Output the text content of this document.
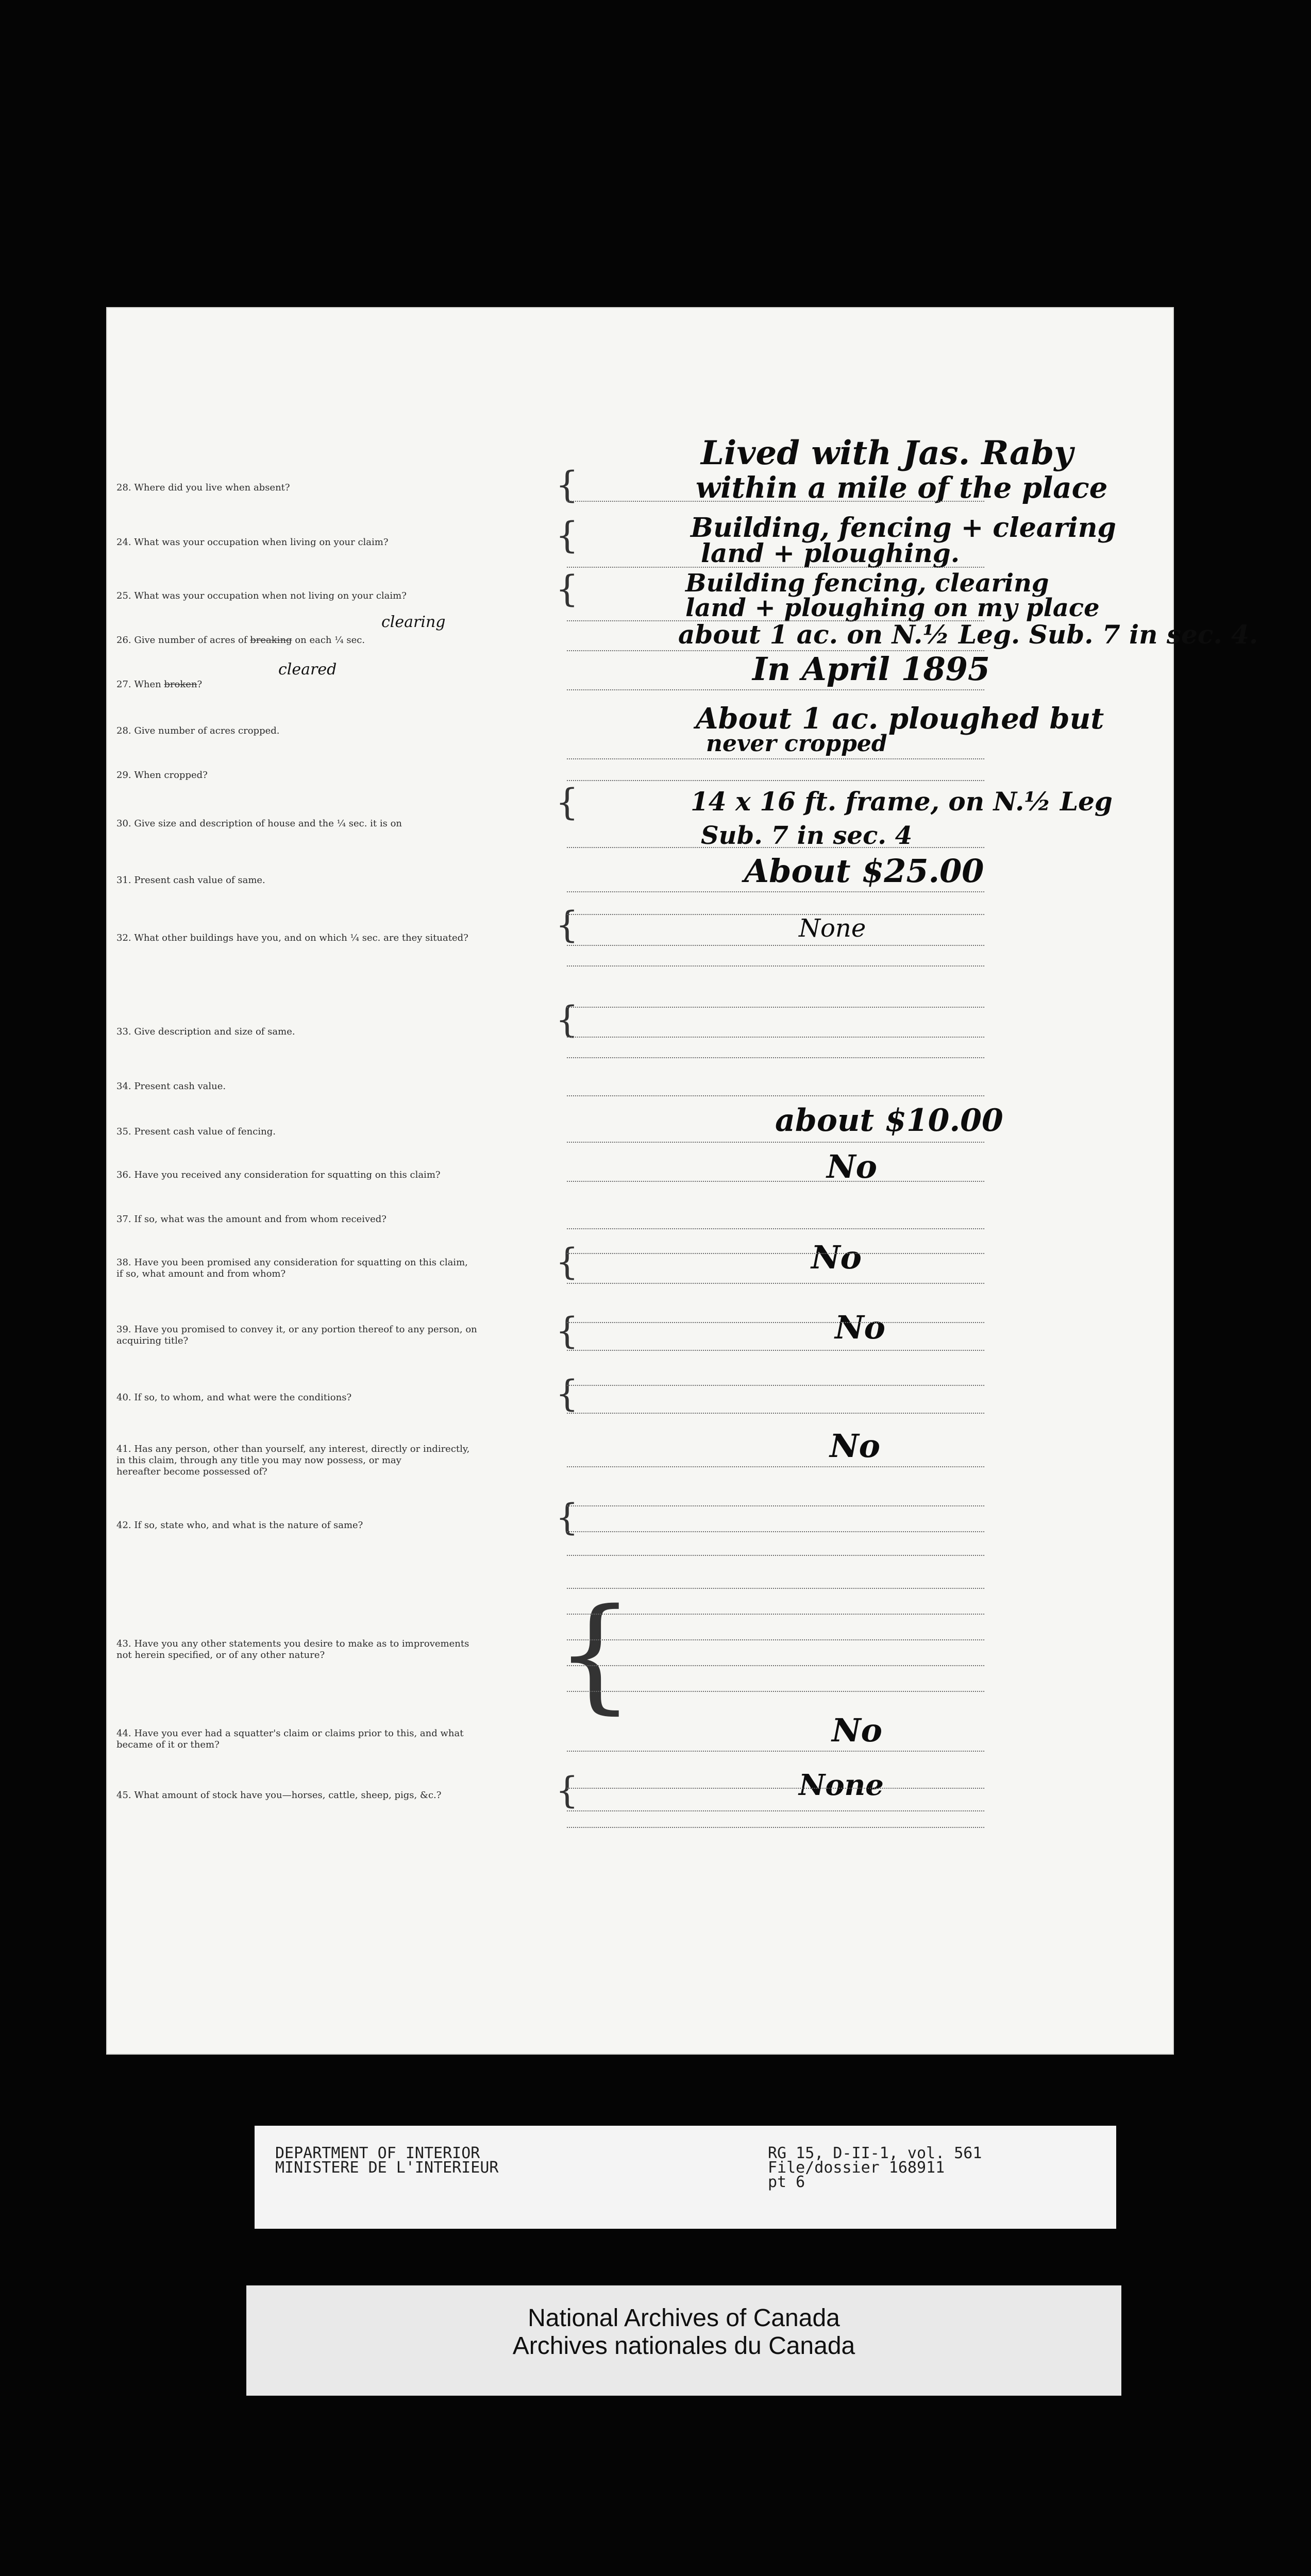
28. Where did you live when absent?	{
Lived with Jas. Raby
within a mile of the place
24. What was your occupation when living on your claim?	{	Building, fencing + clearing
land + ploughing.
25. What was your occupation when not living on your claim?	{	Building fencing, clearing
land + ploughing on my place
26. Give number of acres of breaking on each ¼ sec.
clearing	about 1 ac. on N.½ Leg. Sub. 7 in sec. 4.
27. When broken?
cleared	In April 1895
28. Give number of acres cropped.	About 1 ac. ploughed but
never cropped
29. When cropped?
30. Give size and description of house and the ¼ sec. it is on
{	14 x 16 ft. frame, on N.½ Leg
Sub. 7 in sec. 4
31. Present cash value of same.	About $25.00
32. What other buildings have you, and on which ¼ sec. are they situated?	{	None
33. Give description and size of same.	{
34. Present cash value.
35. Present cash value of fencing.	about $10.00
36. Have you received any consideration for squatting on this claim?	No
37. If so, what was the amount and from whom received?
38. Have you been promised any consideration for squatting on this claim,
if so, what amount and from whom?	{	No
39. Have you promised to convey it, or any portion thereof to any person, on
acquiring title?	{	No
40. If so, to whom, and what were the conditions?	{
41. Has any person, other than yourself, any interest, directly or indirectly,
in this claim, through any title you may now possess, or may
hereafter become possessed of?
No
42. If so, state who, and what is the nature of same?	{
43. Have you any other statements you desire to make as to improvements
not herein specified, or of any other nature?	{
44. Have you ever had a squatter's claim or claims prior to this, and what
became of it or them?	No
45. What amount of stock have you—horses, cattle, sheep, pigs, &c.?	{	None
DEPARTMENT OF INTERIOR
MINISTERE DE L'INTERIEUR
RG 15, D-II-1, vol. 561
File/dossier 168911
pt 6
National Archives of Canada
Archives nationales du Canada
